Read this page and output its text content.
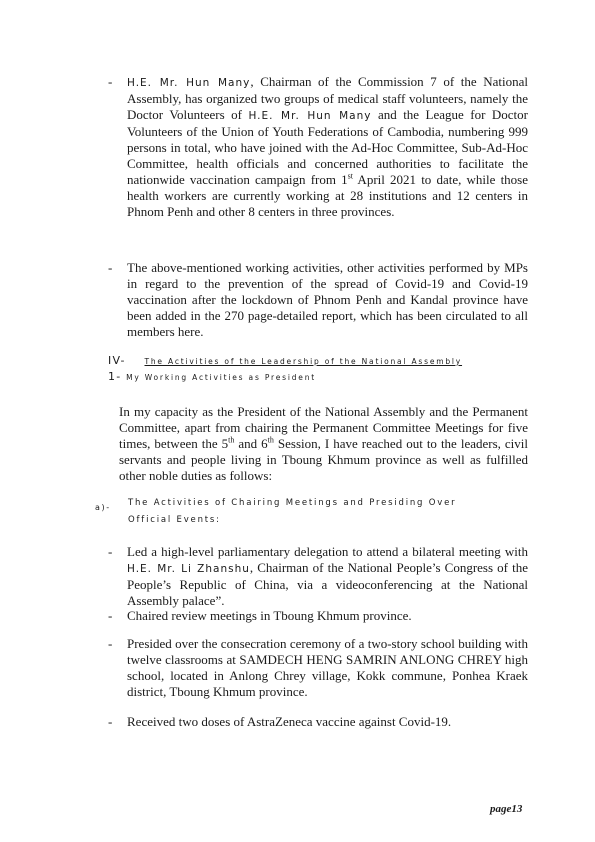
- H.E. Mr. Hun Many, Chairman of the Commission 7 of the National Assembly, has organized two groups of medical staff volunteers, namely the Doctor Volunteers of H.E. Mr. Hun Many and the League for Doctor Volunteers of the Union of Youth Federations of Cambodia, numbering 999 persons in total, who have joined with the Ad-Hoc Committee, Sub-Ad-Hoc Committee, health officials and concerned authorities to facilitate the nationwide vaccination campaign from 1st April 2021 to date, while those health workers are currently working at 28 institutions and 12 centers in Phnom Penh and other 8 centers in three provinces.
- The above-mentioned working activities, other activities performed by MPs in regard to the prevention of the spread of Covid-19 and Covid-19 vaccination after the lockdown of Phnom Penh and Kandal province have been added in the 270 page-detailed report, which has been circulated to all members here.
IV-	The Activities of the Leadership of the National Assembly
1- My Working Activities as President
In my capacity as the President of the National Assembly and the Permanent Committee, apart from chairing the Permanent Committee Meetings for five times, between the 5th and 6th Session, I have reached out to the leaders, civil servants and people living in Tboung Khmum province as well as fulfilled other noble duties as follows:
a)- The Activities of Chairing Meetings and Presiding Over
Official Events:
- Led a high-level parliamentary delegation to attend a bilateral meeting with H.E. Mr. Li Zhanshu, Chairman of the National People’s Congress of the People’s Republic of China, via a videoconferencing at the National Assembly palace”.
- Chaired review meetings in Tboung Khmum province.
- Presided over the consecration ceremony of a two-story school building with twelve classrooms at SAMDECH HENG SAMRIN ANLONG CHREY high school, located in Anlong Chrey village, Kokk commune, Ponhea Kraek district, Tboung Khmum province.
- Received two doses of AstraZeneca vaccine against Covid-19.
page13
